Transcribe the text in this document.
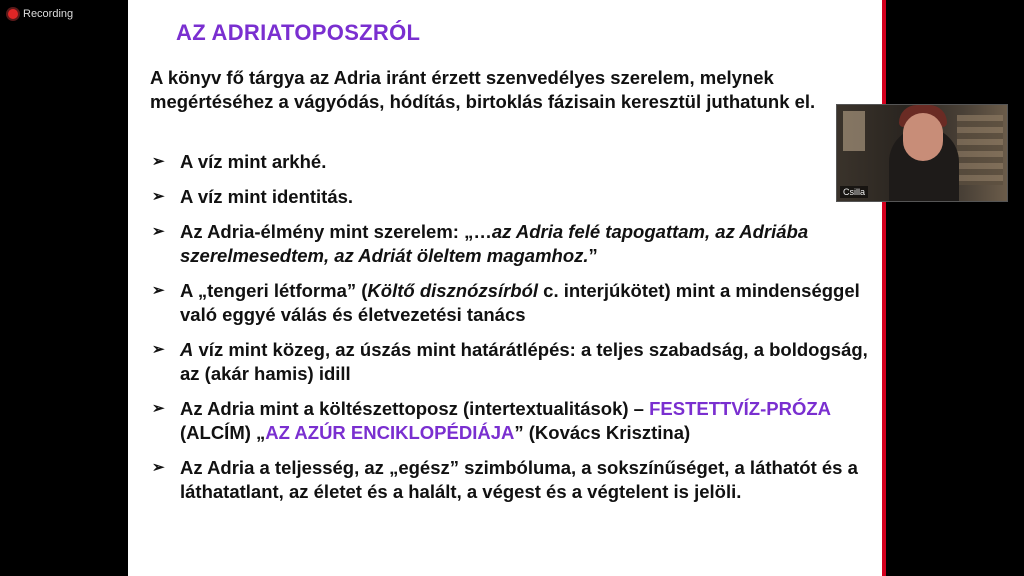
Recording
AZ ADRIATOPOSZRÓL
A könyv fő tárgya az Adria iránt érzett szenvedélyes szerelem, melynek megértéséhez a vágyódás, hódítás, birtoklás fázisain keresztül juthatunk el.
➢ A víz mint arkhé.
➢ A víz mint identitás.
➢ Az Adria-élmény mint szerelem: „…az Adria felé tapogattam, az Adriába szerelmesedtem, az Adriát öleltem magamhoz.”
➢ A „tengeri létforma” (Költő disznózsírból c. interjúkötet) mint a mindenséggel való eggyé válás és életvezetési tanács
➢ A víz mint közeg, az úszás mint határátlépés: a teljes szabadság, a boldogság, az (akár hamis) idill
➢ Az Adria mint a költészettoposz (intertextualitások) – FESTETTVÍZ-PRÓZA (ALCÍM) „AZ AZÚR ENCIKLOPÉDIÁJA” (Kovács Krisztina)
➢ Az Adria a teljesség, az „egész” szimbóluma, a sokszínűséget, a láthatót és a láthatatlant, az életet és a halált, a végest és a végtelent is jelöli.
Csilla
